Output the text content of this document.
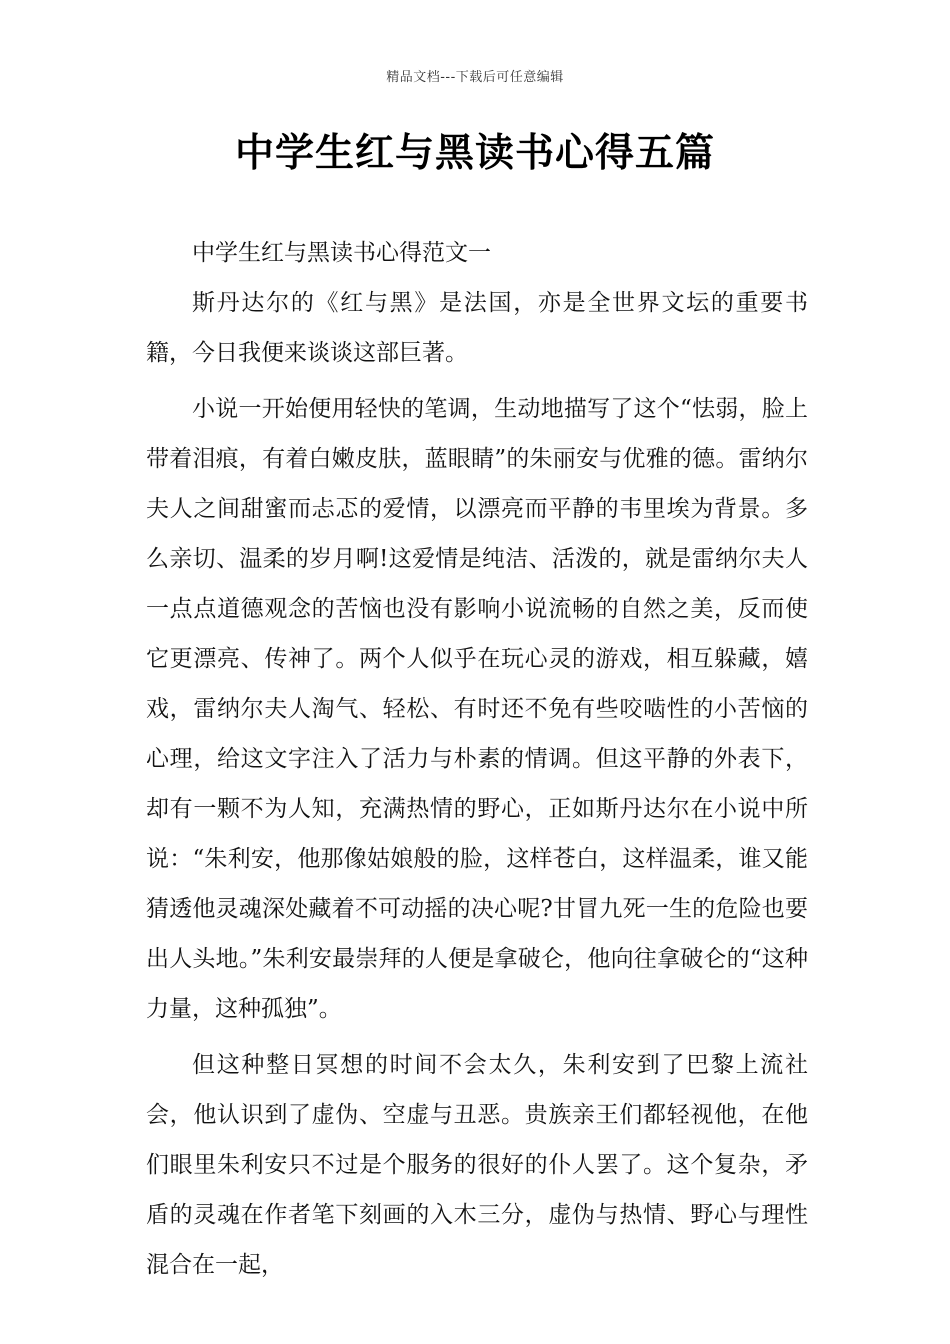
精品文档---下载后可任意编辑
中学生红与黑读书心得五篇

中学生红与黑读书心得范文一

斯丹达尔的《红与黑》是法国，亦是全世界文坛的重要书籍，今日我便来谈谈这部巨著。

小说一开始便用轻快的笔调，生动地描写了这个“怯弱，脸上带着泪痕，有着白嫩皮肤，蓝眼睛”的朱丽安与优雅的德。雷纳尔夫人之间甜蜜而忐忑的爱情，以漂亮而平静的韦里埃为背景。多么亲切、温柔的岁月啊!这爱情是纯洁、活泼的，就是雷纳尔夫人一点点道德观念的苦恼也没有影响小说流畅的自然之美，反而使它更漂亮、传神了。两个人似乎在玩心灵的游戏，相互躲藏，嬉戏，雷纳尔夫人淘气、轻松、有时还不免有些咬啮性的小苦恼的心理，给这文字注入了活力与朴素的情调。但这平静的外表下，却有一颗不为人知，充满热情的野心，正如斯丹达尔在小说中所说：“朱利安，他那像姑娘般的脸，这样苍白，这样温柔，谁又能猜透他灵魂深处藏着不可动摇的决心呢?甘冒九死一生的危险也要出人头地。”朱利安最崇拜的人便是拿破仑，他向往拿破仑的“这种力量，这种孤独”。

但这种整日冥想的时间不会太久，朱利安到了巴黎上流社会，他认识到了虚伪、空虚与丑恶。贵族亲王们都轻视他，在他们眼里朱利安只不过是个服务的很好的仆人罢了。这个复杂，矛盾的灵魂在作者笔下刻画的入木三分，虚伪与热情、野心与理性混合在一起，
